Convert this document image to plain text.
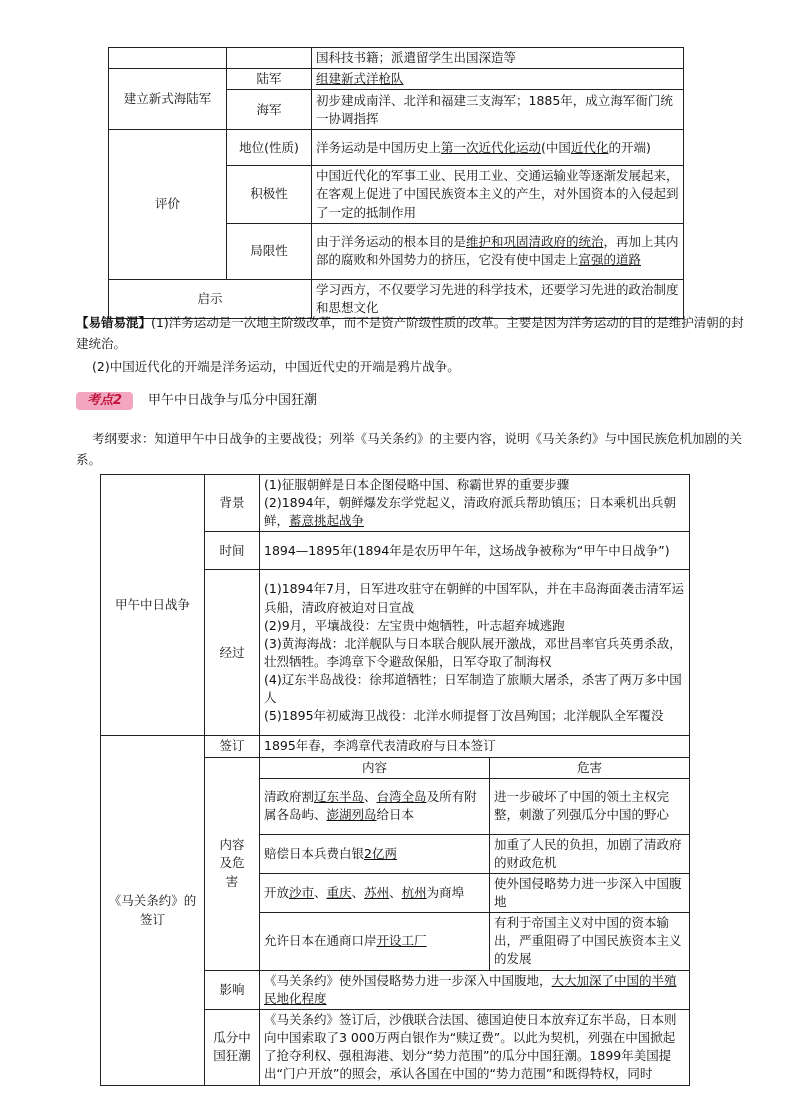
		国科技书籍；派遣留学生出国深造等
建立新式海陆军	陆军	组建新式洋枪队
	海军	初步建成南洋、北洋和福建三支海军；1885年，成立海军衙门统一协调指挥
评价	地位(性质)	洋务运动是中国历史上第一次近代化运动(中国近代化的开端)
	积极性	中国近代化的军事工业、民用工业、交通运输业等逐渐发展起来，在客观上促进了中国民族资本主义的产生，对外国资本的入侵起到了一定的抵制作用
	局限性	由于洋务运动的根本目的是维护和巩固清政府的统治，再加上其内部的腐败和外国势力的挤压，它没有使中国走上富强的道路
启示		学习西方，不仅要学习先进的科学技术，还要学习先进的政治制度和思想文化
【易错易混】(1)洋务运动是一次地主阶级改革，而不是资产阶级性质的改革。主要是因为洋务运动的目的是维护清朝的封建统治。
(2)中国近代化的开端是洋务运动，中国近代史的开端是鸦片战争。
考点2	甲午中日战争与瓜分中国狂潮
考纲要求：知道甲午中日战争的主要战役；列举《马关条约》的主要内容，说明《马关条约》与中国民族危机加剧的关系。
甲午中日战争	背景	(1)征服朝鲜是日本企图侵略中国、称霸世界的重要步骤
(2)1894年，朝鲜爆发东学党起义，清政府派兵帮助镇压；日本乘机出兵朝鲜，蓄意挑起战争	

	时间	1894—1895年(1894年是农历甲午年，这场战争被称为“甲午中日战争”)	
	经过	(1)1894年7月，日军进攻驻守在朝鲜的中国军队，并在丰岛海面袭击清军运兵船，清政府被迫对日宣战
(2)9月，平壤战役：左宝贵中炮牺牲，叶志超弃城逃跑
(3)黄海海战：北洋舰队与日本联合舰队展开激战，邓世昌率官兵英勇杀敌，壮烈牺牲。李鸿章下令避敌保船，日军夺取了制海权
(4)辽东半岛战役：徐邦道牺牲；日军制造了旅顺大屠杀，杀害了两万多中国人
(5)1895年初威海卫战役：北洋水师提督丁汝昌殉国；北洋舰队全军覆没	

《马关条约》的签订	签订	1895年春，李鸿章代表清政府与日本签订	
	内容及危害	内容	危害
		清政府割辽东半岛、台湾全岛及所有附属各岛屿、澎湖列岛给日本	进一步破坏了中国的领土主权完整，刺激了列强瓜分中国的野心
		赔偿日本兵费白银2亿两	加重了人民的负担，加剧了清政府的财政危机
		开放沙市、重庆、苏州、杭州为商埠	使外国侵略势力进一步深入中国腹地
		允许日本在通商口岸开设工厂	有利于帝国主义对中国的资本输出，严重阻碍了中国民族资本主义的发展
	影响	《马关条约》使外国侵略势力进一步深入中国腹地，大大加深了中国的半殖民地化程度	
	瓜分中国狂潮	《马关条约》签订后，沙俄联合法国、德国迫使日本放弃辽东半岛，日本则向中国索取了3 000万两白银作为“赎辽费”。以此为契机，列强在中国掀起了抢夺利权、强租海港、划分“势力范围”的瓜分中国狂潮。1899年美国提出“门户开放”的照会，承认各国在中国的“势力范围”和既得特权，同时	
